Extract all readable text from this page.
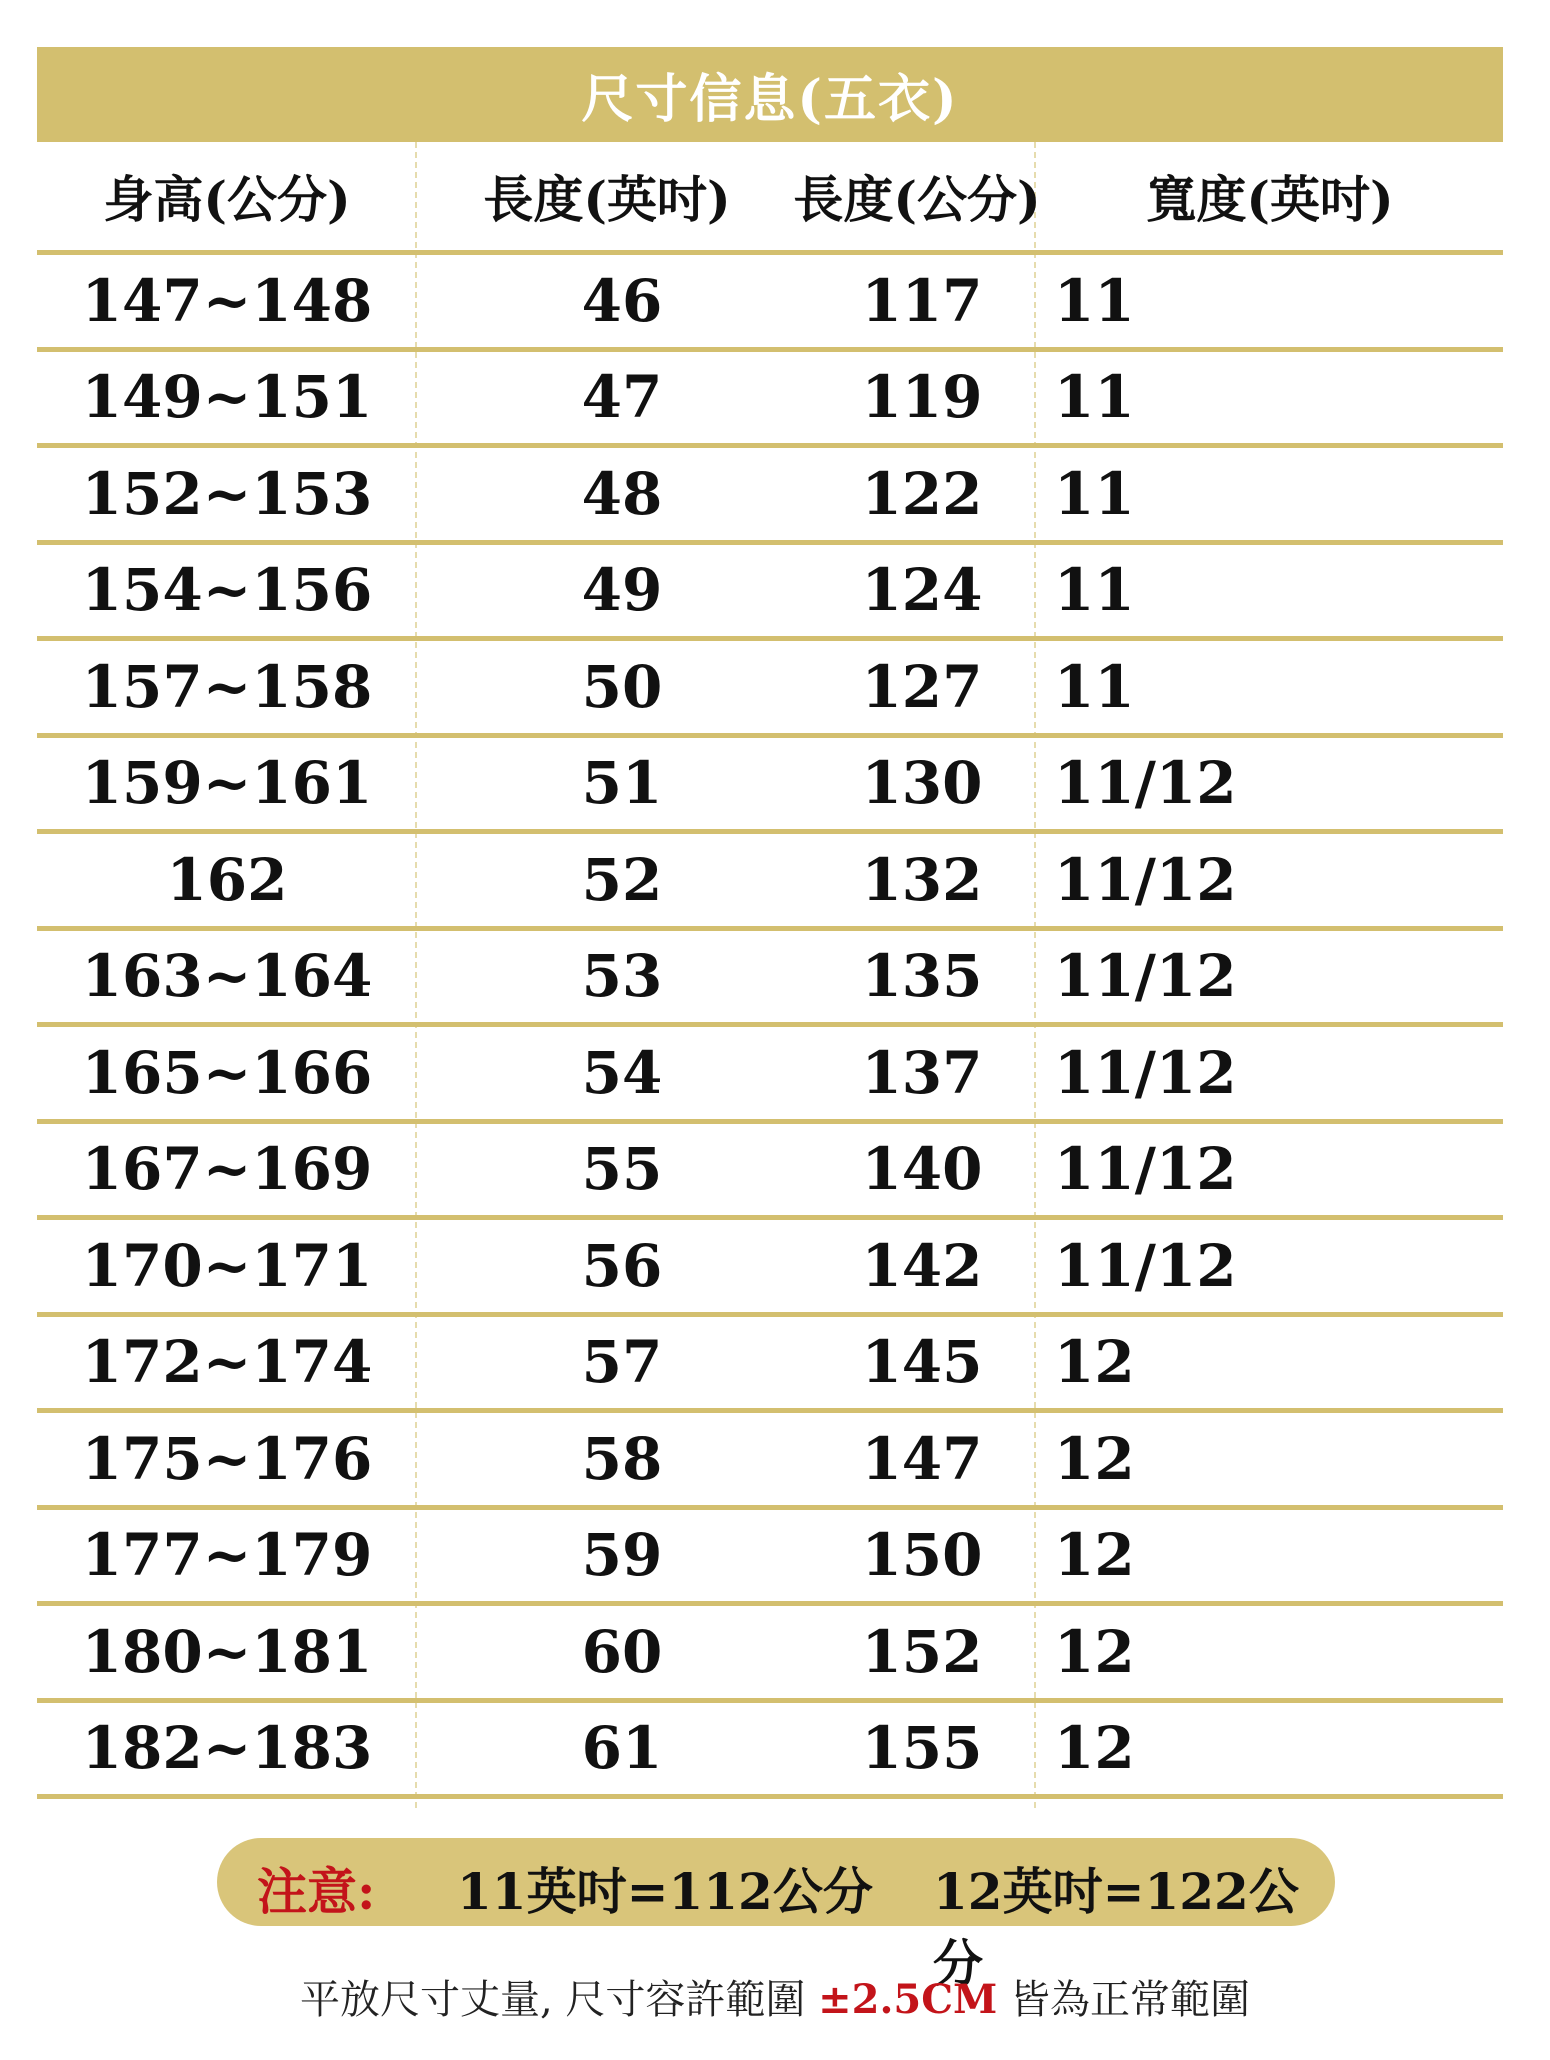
尺寸信息(五衣)
身高(公分)	長度(英吋)	長度(公分)	寬度(英吋)
147~148	46	117	11
149~151	47	119	11
152~153	48	122	11
154~156	49	124	11
157~158	50	127	11
159~161	51	130	11/12
162	52	132	11/12
163~164	53	135	11/12
165~166	54	137	11/12
167~169	55	140	11/12
170~171	56	142	11/12
172~174	57	145	12
175~176	58	147	12
177~179	59	150	12
180~181	60	152	12
182~183	61	155	12
注意: 11英吋=112公分 12英吋=122公分
平放尺寸丈量, 尺寸容許範圍 ±2.5CM 皆為正常範圍
